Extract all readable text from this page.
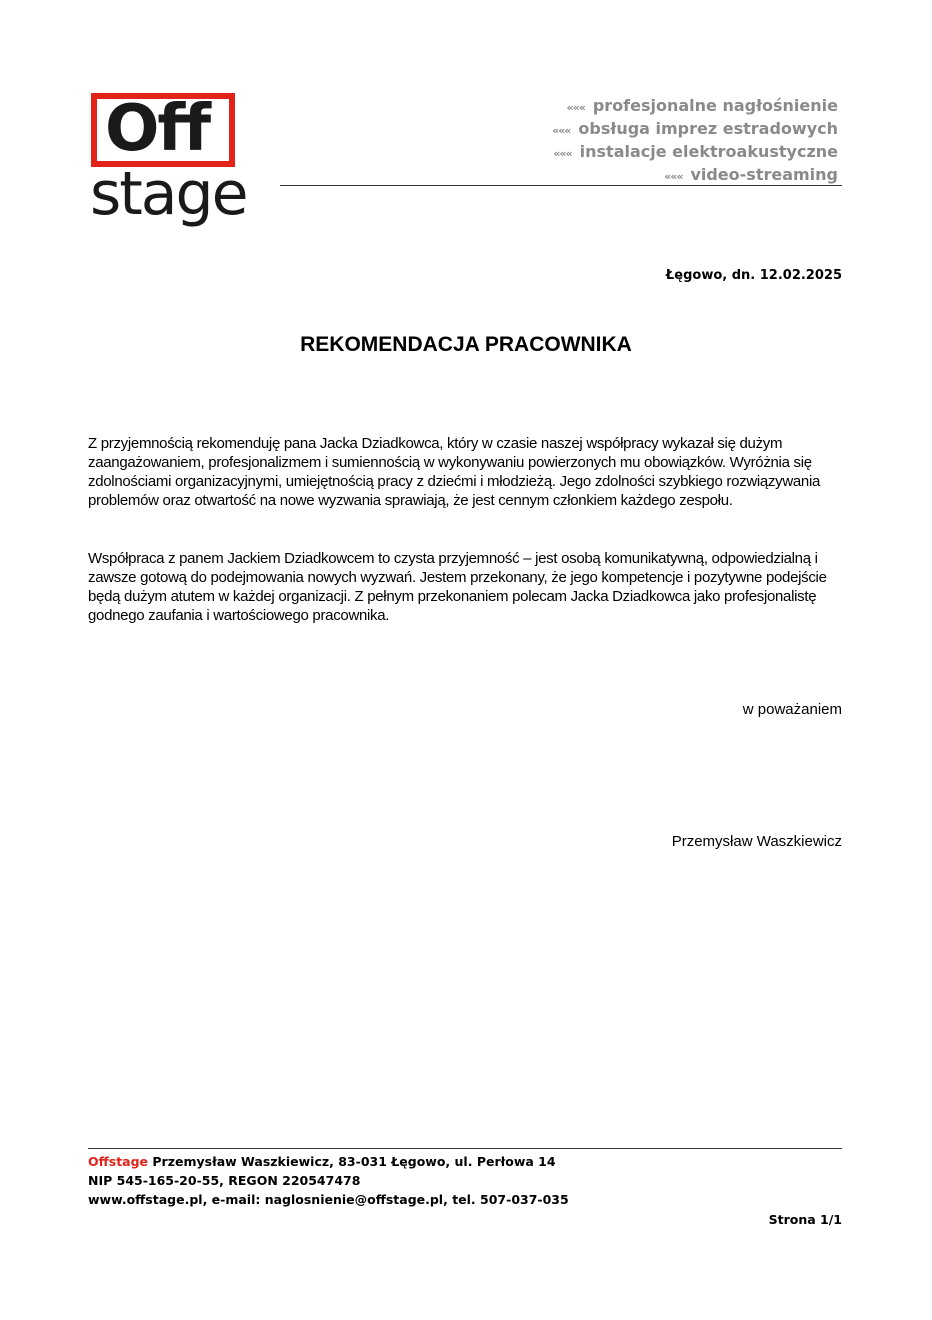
Off
stage
««« profesjonalne nagłośnienie
««« obsługa imprez estradowych
««« instalacje elektroakustyczne
««« video-streaming
Łęgowo, dn. 12.02.2025
REKOMENDACJA PRACOWNIKA
Z przyjemnością rekomenduję pana Jacka Dziadkowca, który w czasie naszej współpracy wykazał się dużym zaangażowaniem, profesjonalizmem i sumiennością w wykonywaniu powierzonych mu obowiązków. Wyróżnia się zdolnościami organizacyjnymi, umiejętnością pracy z dziećmi i młodzieżą. Jego zdolności szybkiego rozwiązywania problemów oraz otwartość na nowe wyzwania sprawiają, że jest cennym członkiem każdego zespołu.
Współpraca z panem Jackiem Dziadkowcem to czysta przyjemność – jest osobą komunikatywną, odpowiedzialną i zawsze gotową do podejmowania nowych wyzwań. Jestem przekonany, że jego kompetencje i pozytywne podejście będą dużym atutem w każdej organizacji. Z pełnym przekonaniem polecam Jacka Dziadkowca jako profesjonalistę godnego zaufania i wartościowego pracownika.
w poważaniem
Przemysław Waszkiewicz
Offstage Przemysław Waszkiewicz, 83-031 Łęgowo, ul. Perłowa 14
NIP 545-165-20-55, REGON 220547478
www.offstage.pl, e-mail: naglosnienie@offstage.pl, tel. 507-037-035
Strona 1/1
